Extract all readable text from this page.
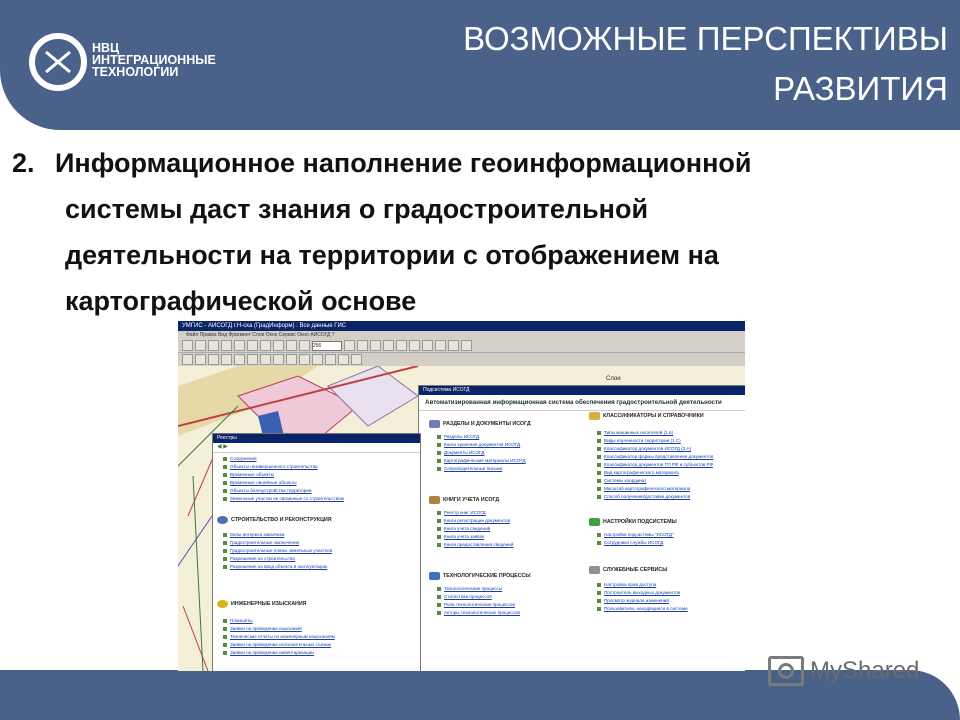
НВЦ
ИНТЕГРАЦИОННЫЕ
ТЕХНОЛОГИИ
ВОЗМОЖНЫЕ ПЕРСПЕКТИВЫ
РАЗВИТИЯ
2. Информационное наполнение геоинформационной
системы даст знания о градостроительной
деятельности на территории с отображением на
картографической основе
УМГИС - АИСОГД г.Н-ска (ГрадИнформ) : Все данные ГИС
Файл Правка Вид Фрагмент Слои Окно Сервис Окно АИСОГД ?
256
Слои
Подсистема ИСОГД
Автоматизированная информационная система обеспечения градостроительной деятельности
РАЗДЕЛЫ И ДОКУМЕНТЫ ИСОГД
Разделы ИСОГД
Книги хранения документов ИСОГД
Документы ИСОГД
Картографические материалы ИСОГД
Сопроводительные письма
КНИГИ УЧЕТА ИСОГД
Реестр книг ИСОГД
Книги регистрации документов
Книга учета сведений
Книга учета заявок
Книги предоставления сведений
ТЕХНОЛОГИЧЕСКИЕ ПРОЦЕССЫ
Технологические процессы
Статистика процессов
Роли технологических процессов
Акторы технологических процессов
КЛАССИФИКАТОРЫ И СПРАВОЧНИКИ
Типы машинных носителей (1.6)
Виды изученности территории (1.С)
Классификатор документов ИСОГД (2.А)
Классификатор формы представления документов
Классификатор документов ТП РФ и субъектов РФ
Вид картографического материала
Системы координат
Масштаб картографического материала
Способ получения/доставки документов
НАСТРОЙКИ ПОДСИСТЕМЫ
Настройки подсистемы "ИСОГД"
Сотрудники службы ИСОГД
СЛУЖЕБНЫЕ СЕРВИСЫ
Настройка прав доступа
Построитель выходных документов
Просмотр журнала изменений
Пользователи, находящиеся в системе
Реестры
◀ ▶
Сооружения
Объекты незавершенного строительства
Временные объекты
Временные линейные объекты
Объекты благоустройства территории
Земельные участки не связанные со строительством
СТРОИТЕЛЬСТВО И РЕКОНСТРУКЦИЯ
Зоны интереса заказчика
Градостроительные заключения
Градостроительные планы земельных участков
Разрешения на строительство
Разрешения на ввод объекта в эксплуатацию
ИНЖЕНЕРНЫЕ ИЗЫСКАНИЯ
Планшеты
Заявки на проведение изысканий
Технические отчеты по инженерным изысканиям
Заявки на проведение исполнительных съемок
Заявки на проведение инвентаризации
MyShared
